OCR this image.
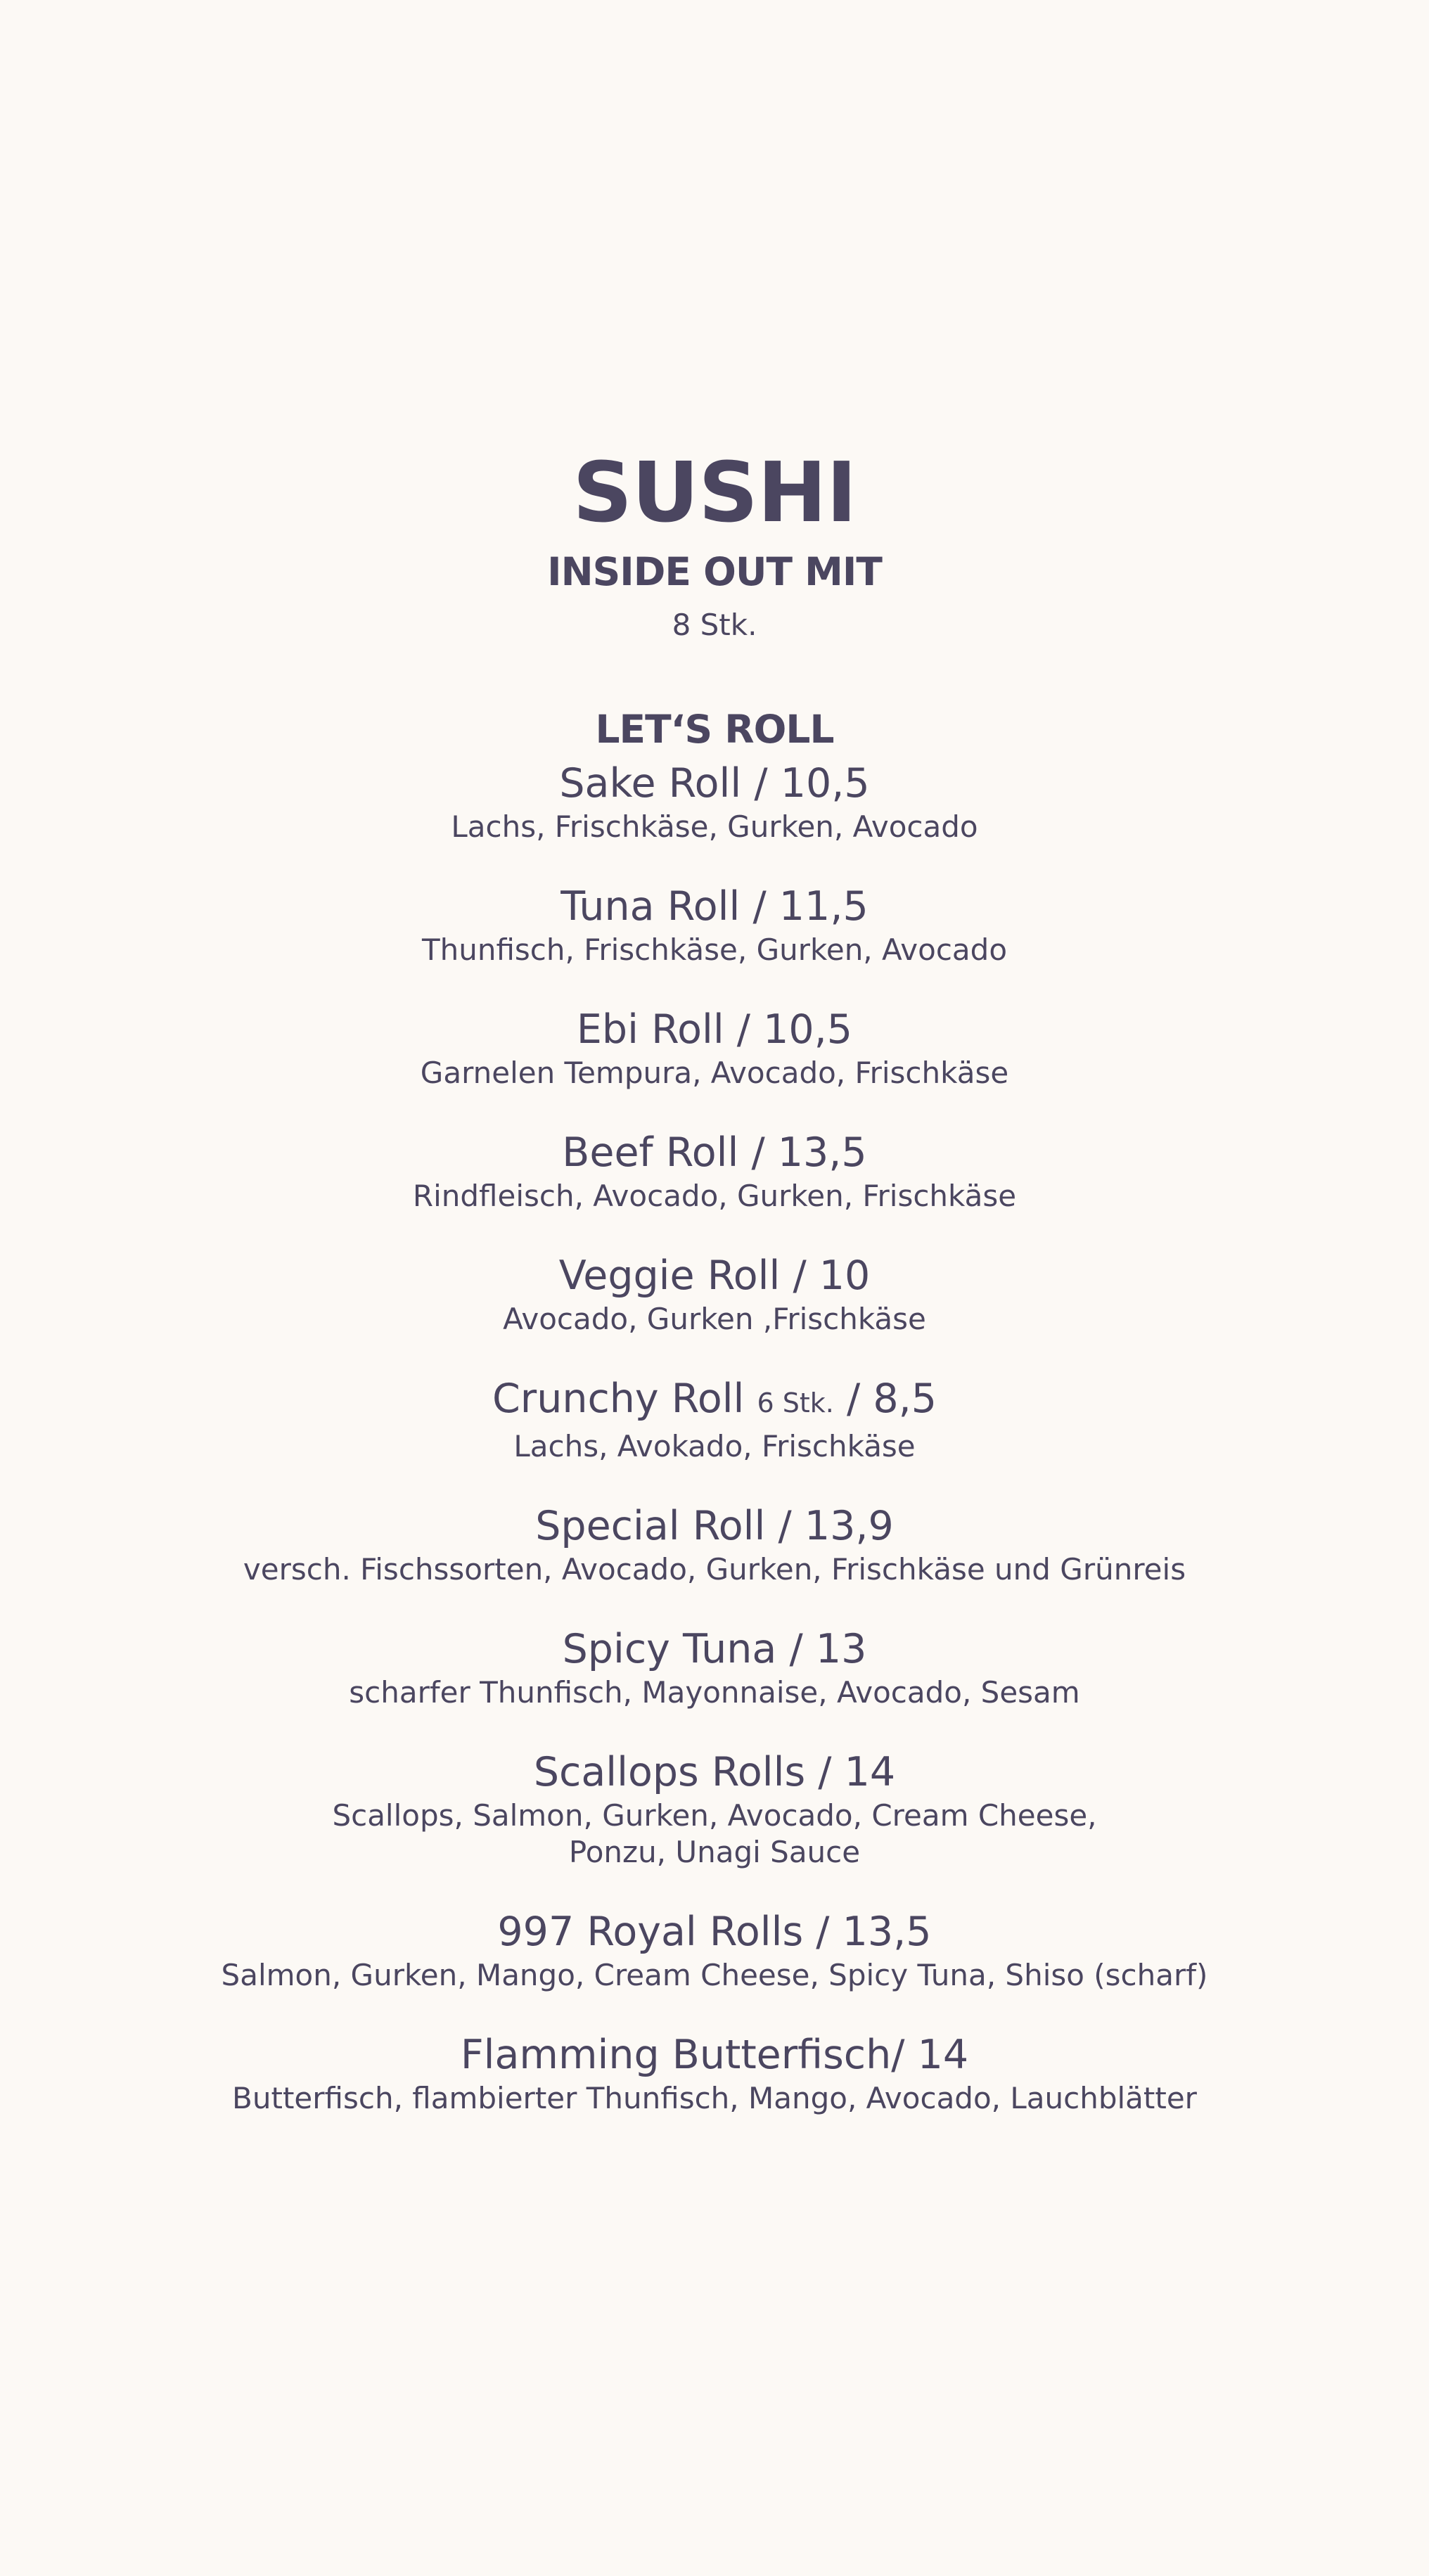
SUSHI
INSIDE OUT MIT
8 Stk.
LET‘S ROLL
Sake Roll / 10,5
Lachs, Frischkäse, Gurken, Avocado
Tuna Roll / 11,5
Thunfisch, Frischkäse, Gurken, Avocado
Ebi Roll / 10,5
Garnelen Tempura, Avocado, Frischkäse
Beef Roll / 13,5
Rindfleisch, Avocado, Gurken, Frischkäse
Veggie Roll / 10
Avocado, Gurken ,Frischkäse
Crunchy Roll 6 Stk. / 8,5
Lachs, Avokado, Frischkäse
Special Roll / 13,9
versch. Fischssorten, Avocado, Gurken, Frischkäse und Grünreis
Spicy Tuna / 13
scharfer Thunfisch, Mayonnaise, Avocado, Sesam
Scallops Rolls / 14
Scallops, Salmon, Gurken, Avocado, Cream Cheese,
Ponzu, Unagi Sauce
997 Royal Rolls / 13,5
Salmon, Gurken, Mango, Cream Cheese, Spicy Tuna, Shiso (scharf)
Flamming Butterfisch/ 14
Butterfisch, flambierter Thunfisch, Mango, Avocado, Lauchblätter
